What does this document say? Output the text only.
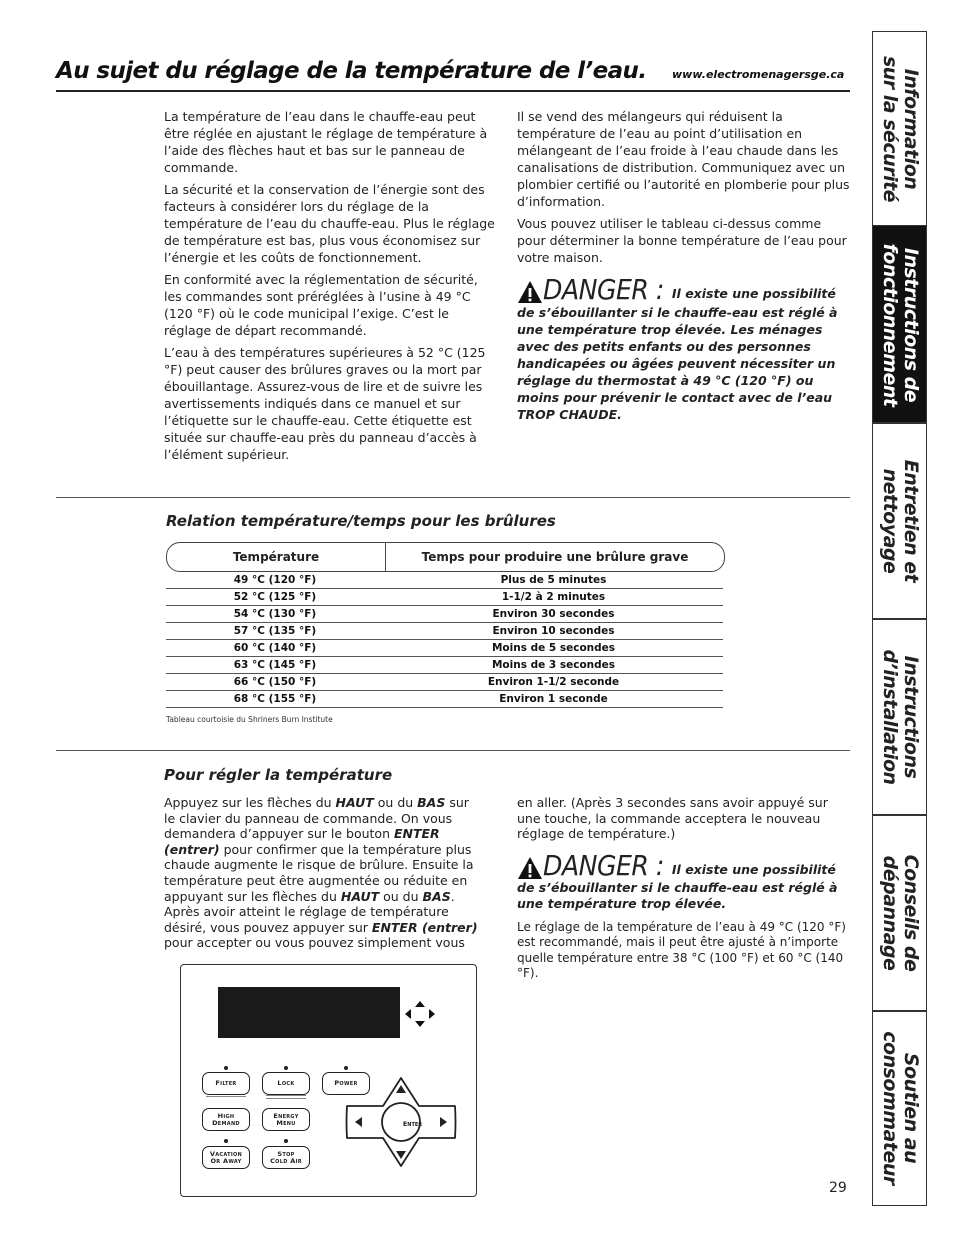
Au sujet du réglage de la température de l’eau. www.electromenagersge.ca

La température de l’eau dans le chauffe-eau peut être réglée en ajustant le réglage de température à l’aide des flèches haut et bas sur le panneau de commande.

La sécurité et la conservation de l’énergie sont des facteurs à considérer lors du réglage de la température de l’eau du chauffe-eau. Plus le réglage de température est bas, plus vous économisez sur l’énergie et les coûts de fonctionnement.

En conformité avec la réglementation de sécurité, les commandes sont préréglées à l’usine à 49 °C (120 °F) où le code municipal l’exige. C’est le réglage de départ recommandé.

L’eau à des températures supérieures à 52 °C (125 °F) peut causer des brûlures graves ou la mort par ébouillantage. Assurez-vous de lire et de suivre les avertissements indiqués dans ce manuel et sur l’étiquette sur le chauffe-eau. Cette étiquette est située sur chauffe-eau près du panneau d’accès à l’élément supérieur.

Il se vend des mélangeurs qui réduisent la température de l’eau au point d’utilisation en mélangeant de l’eau froide à l’eau chaude dans les canalisations de distribution. Communiquez avec un plombier certifié ou l’autorité en plomberie pour plus d’information.

Vous pouvez utiliser le tableau ci-dessus comme pour déterminer la bonne température de l’eau pour votre maison.

DANGER : Il existe une possibilité
de s’ébouillanter si le chauffe-eau est réglé à une température trop élevée. Les ménages avec des petits enfants ou des personnes handicapées ou âgées peuvent nécessiter un réglage du thermostat à 49 °C (120 °F) ou moins pour prévenir le contact avec de l’eau TROP CHAUDE.
Relation température/temps pour les brûlures
Température	Temps pour produire une brûlure grave
49 °C (120 °F)	Plus de 5 minutes
52 °C (125 °F)	1-1/2 à 2 minutes
54 °C (130 °F)	Environ 30 secondes
57 °C (135 °F)	Environ 10 secondes
60 °C (140 °F)	Moins de 5 secondes
63 °C (145 °F)	Moins de 3 secondes
66 °C (150 °F)	Environ 1-1/2 seconde
68 °C (155 °F)	Environ 1 seconde
Tableau courtoisie du Shriners Burn Institute
Pour régler la température
Appuyez sur les flèches du HAUT ou du BAS sur le clavier du panneau de commande. On vous demandera d’appuyer sur le bouton ENTER (entrer) pour confirmer que la température plus chaude augmente le risque de brûlure. Ensuite la température peut être augmentée ou réduite en appuyant sur les flèches du HAUT ou du BAS. Après avoir atteint le réglage de température désiré, vous pouvez appuyer sur ENTER (entrer) pour accepter ou vous pouvez simplement vous

en aller. (Après 3 secondes sans avoir appuyé sur une touche, la commande acceptera le nouveau réglage de température.)

DANGER : Il existe une possibilité
de s’ébouillanter si le chauffe-eau est réglé à une température trop élevée.

Le réglage de la température de l’eau à 49 °C (120 °F) est recommandé, mais il peut être ajusté à n’importe quelle température entre 38 °C (100 °F) et 60 °C (140 °F).

Filter	Lock	Power
High
Demand
Energy
Menu
Vacation
Or Away
Stop
Cold Air
Enter
Information
sur la sécurité
Instructions de
fonctionnement
Entretien et
nettoyage
Instructions
d’installation
Conseils de
dépannage
Soutien au
consommateur
29
